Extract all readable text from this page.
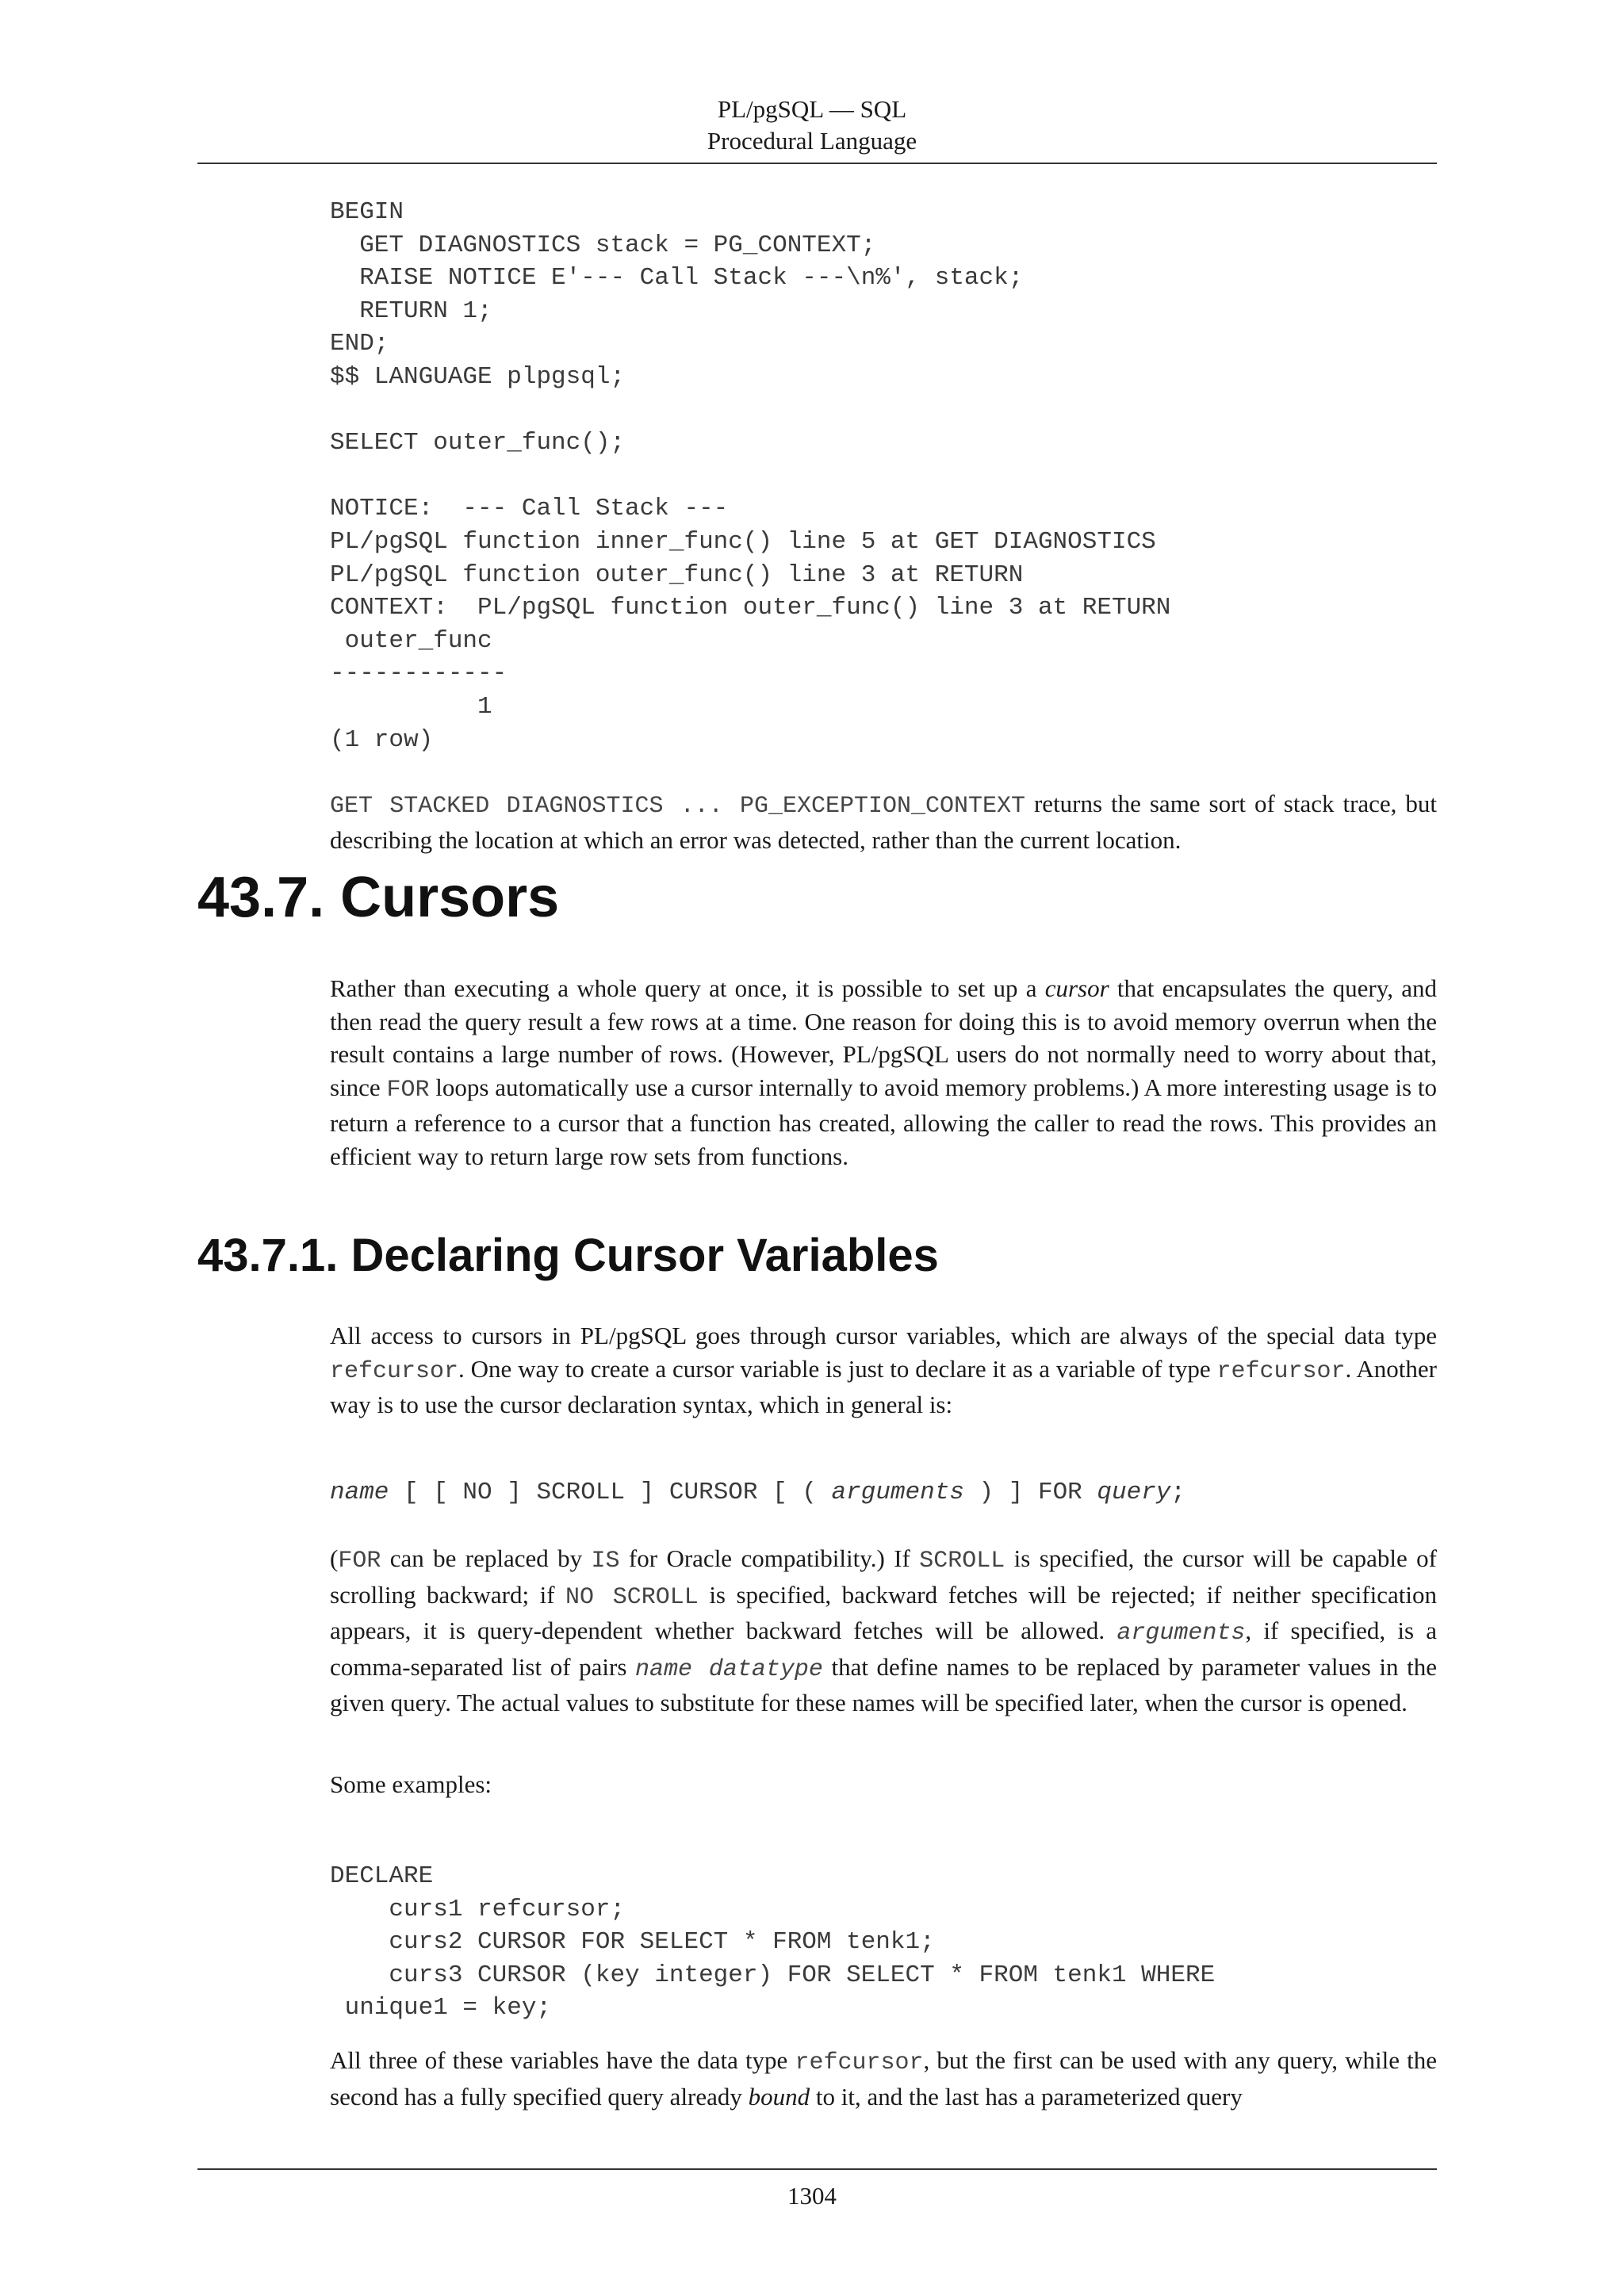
PL/pgSQL — SQL
Procedural Language
BEGIN
GET DIAGNOSTICS stack = PG_CONTEXT;
RAISE NOTICE E'--- Call Stack ---\n%', stack;
RETURN 1;
END;
$$ LANGUAGE plpgsql;

SELECT outer_func();

NOTICE:  --- Call Stack ---
PL/pgSQL function inner_func() line 5 at GET DIAGNOSTICS
PL/pgSQL function outer_func() line 3 at RETURN
CONTEXT:  PL/pgSQL function outer_func() line 3 at RETURN
outer_func
------------
1
(1 row)

GET STACKED DIAGNOSTICS ... PG_EXCEPTION_CONTEXT returns the same sort of stack trace, but describing the location at which an error was detected, rather than the current location.

43.7. Cursors

Rather than executing a whole query at once, it is possible to set up a cursor that encapsulates the query, and then read the query result a few rows at a time. One reason for doing this is to avoid memory overrun when the result contains a large number of rows. (However, PL/pgSQL users do not normally need to worry about that, since FOR loops automatically use a cursor internally to avoid memory problems.) A more interesting usage is to return a reference to a cursor that a function has created, allowing the caller to read the rows. This provides an efficient way to return large row sets from functions.

43.7.1. Declaring Cursor Variables

All access to cursors in PL/pgSQL goes through cursor variables, which are always of the special data type refcursor. One way to create a cursor variable is just to declare it as a variable of type refcursor. Another way is to use the cursor declaration syntax, which in general is:

name [ [ NO ] SCROLL ] CURSOR [ ( arguments ) ] FOR query;

(FOR can be replaced by IS for Oracle compatibility.) If SCROLL is specified, the cursor will be capable of scrolling backward; if NO SCROLL is specified, backward fetches will be rejected; if neither specification appears, it is query-dependent whether backward fetches will be allowed. arguments, if specified, is a comma-separated list of pairs name datatype that define names to be replaced by parameter values in the given query. The actual values to substitute for these names will be specified later, when the cursor is opened.

Some examples:

DECLARE
curs1 refcursor;
curs2 CURSOR FOR SELECT * FROM tenk1;
curs3 CURSOR (key integer) FOR SELECT * FROM tenk1 WHERE
unique1 = key;

All three of these variables have the data type refcursor, but the first can be used with any query, while the second has a fully specified query already bound to it, and the last has a parameterized query

1304
